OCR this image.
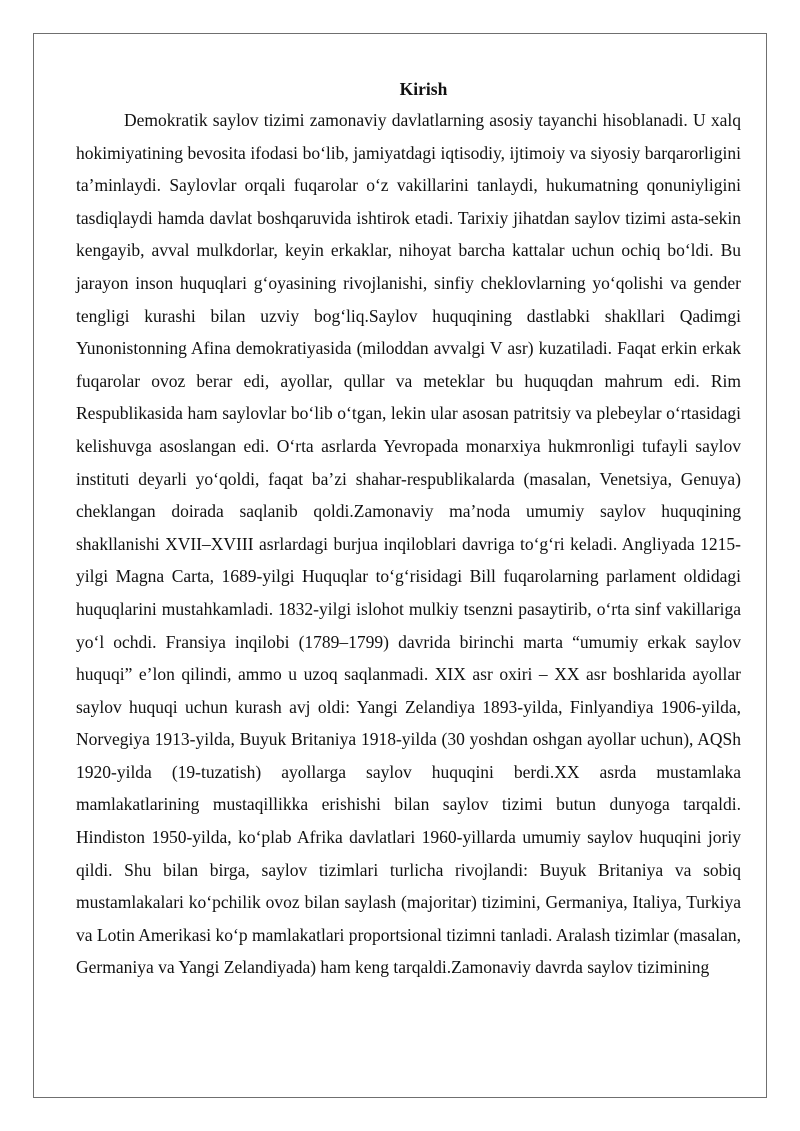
Kirish

Demokratik saylov tizimi zamonaviy davlatlarning asosiy tayanchi hisoblanadi. U xalq hokimiyatining bevosita ifodasi bo‘lib, jamiyatdagi iqtisodiy, ijtimoiy va siyosiy barqarorligini ta’minlaydi. Saylovlar orqali fuqarolar o‘z vakillarini tanlaydi, hukumatning qonuniyligini tasdiqlaydi hamda davlat boshqaruvida ishtirok etadi. Tarixiy jihatdan saylov tizimi asta-sekin kengayib, avval mulkdorlar, keyin erkaklar, nihoyat barcha kattalar uchun ochiq bo‘ldi. Bu jarayon inson huquqlari g‘oyasining rivojlanishi, sinfiy cheklovlarning yo‘qolishi va gender tengligi kurashi bilan uzviy bog‘liq.Saylov huquqining dastlabki shakllari Qadimgi Yunonistonning Afina demokratiyasida (miloddan avvalgi V asr) kuzatiladi. Faqat erkin erkak fuqarolar ovoz berar edi, ayollar, qullar va meteklar bu huquqdan mahrum edi. Rim Respublikasida ham saylovlar bo‘lib o‘tgan, lekin ular asosan patritsiy va plebeylar o‘rtasidagi kelishuvga asoslangan edi. O‘rta asrlarda Yevropada monarxiya hukmronligi tufayli saylov instituti deyarli yo‘qoldi, faqat ba’zi shahar-respublikalarda (masalan, Venetsiya, Genuya) cheklangan doirada saqlanib qoldi.Zamonaviy ma’noda umumiy saylov huquqining shakllanishi XVII–XVIII asrlardagi burjua inqiloblari davriga to‘g‘ri keladi. Angliyada 1215-yilgi Magna Carta, 1689-yilgi Huquqlar to‘g‘risidagi Bill fuqarolarning parlament oldidagi huquqlarini mustahkamladi. 1832-yilgi islohot mulkiy tsenzni pasaytirib, o‘rta sinf vakillariga yo‘l ochdi. Fransiya inqilobi (1789–1799) davrida birinchi marta “umumiy erkak saylov huquqi” e’lon qilindi, ammo u uzoq saqlanmadi. XIX asr oxiri – XX asr boshlarida ayollar saylov huquqi uchun kurash avj oldi: Yangi Zelandiya 1893-yilda, Finlyandiya 1906-yilda, Norvegiya 1913-yilda, Buyuk Britaniya 1918-yilda (30 yoshdan oshgan ayollar uchun), AQSh 1920-yilda (19-tuzatish) ayollarga saylov huquqini berdi.XX asrda mustamlaka mamlakatlarining mustaqillikka erishishi bilan saylov tizimi butun dunyoga tarqaldi. Hindiston 1950-yilda, ko‘plab Afrika davlatlari 1960-yillarda umumiy saylov huquqini joriy qildi. Shu bilan birga, saylov tizimlari turlicha rivojlandi: Buyuk Britaniya va sobiq mustamlakalari ko‘pchilik ovoz bilan saylash (majoritar) tizimini, Germaniya, Italiya, Turkiya va Lotin Amerikasi ko‘p mamlakatlari proportsional tizimni tanladi. Aralash tizimlar (masalan, Germaniya va Yangi Zelandiyada) ham keng tarqaldi.Zamonaviy davrda saylov tizimining
